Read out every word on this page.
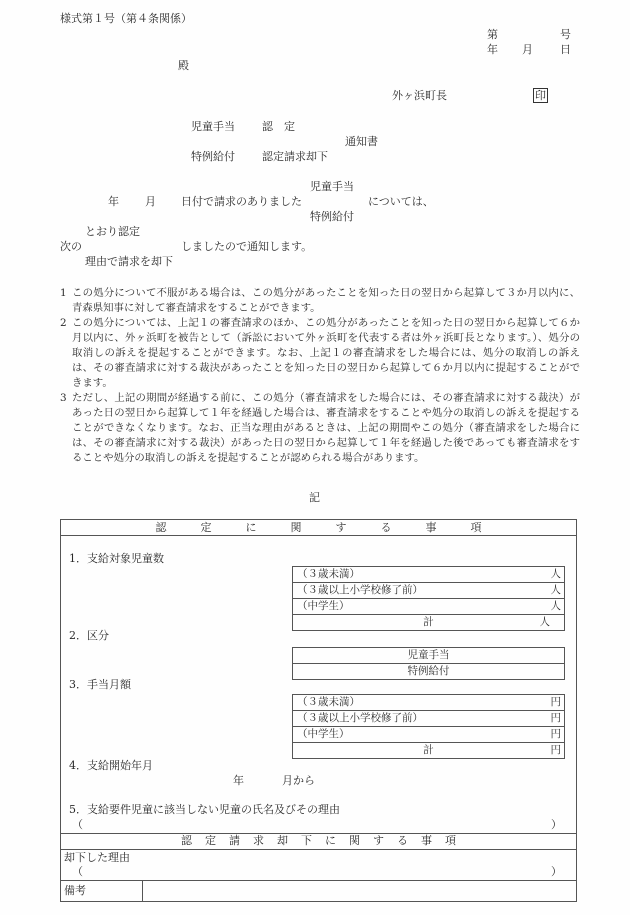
様式第１号（第４条関係）
第	号
年 月 日
殿
外ヶ浜町長	印
児童手当 認　定
通知書
特例給付 認定請求却下
児童手当
年 月 日付で請求のありました	については、
特例給付
とおり認定
次の	しましたので通知します。
理由で請求を却下
1 この処分について不服がある場合は、この処分があったことを知った日の翌日から起算して３か月以内に、青森県知事に対して審査請求をすることができます。
2 この処分については、上記１の審査請求のほか、この処分があったことを知った日の翌日から起算して６か月以内に、外ヶ浜町を被告として（訴訟において外ヶ浜町を代表する者は外ヶ浜町長となります。）、処分の取消しの訴えを提起することができます。なお、上記１の審査請求をした場合には、処分の取消しの訴えは、その審査請求に対する裁決があったことを知った日の翌日から起算して６か月以内に提起することができます。
3 ただし、上記の期間が経過する前に、この処分（審査請求をした場合には、その審査請求に対する裁決）があった日の翌日から起算して１年を経過した場合は、審査請求をすることや処分の取消しの訴えを提起することができなくなります。なお、正当な理由があるときは、上記の期間やこの処分（審査請求をした場合には、その審査請求に対する裁決）があった日の翌日から起算して１年を経過した後であっても審査請求をすることや処分の取消しの訴えを提起することが認められる場合があります。
記
認	定	に	関	す	る	事	項
1．支給対象児童数
（３歳未満）	人
（３歳以上小学校修了前）	人
（中学生）	人
計	人
2．区分
児童手当
特例給付
3．手当月額
（３歳未満）	円
（３歳以上小学校修了前）	円
（中学生）	円
計	円
4．支給開始年月
年	月から
5．支給要件児童に該当しない児童の氏名及びその理由
（	）
認 定 請 求 却 下 に 関 す る 事 項
却下した理由
（	）
備考
